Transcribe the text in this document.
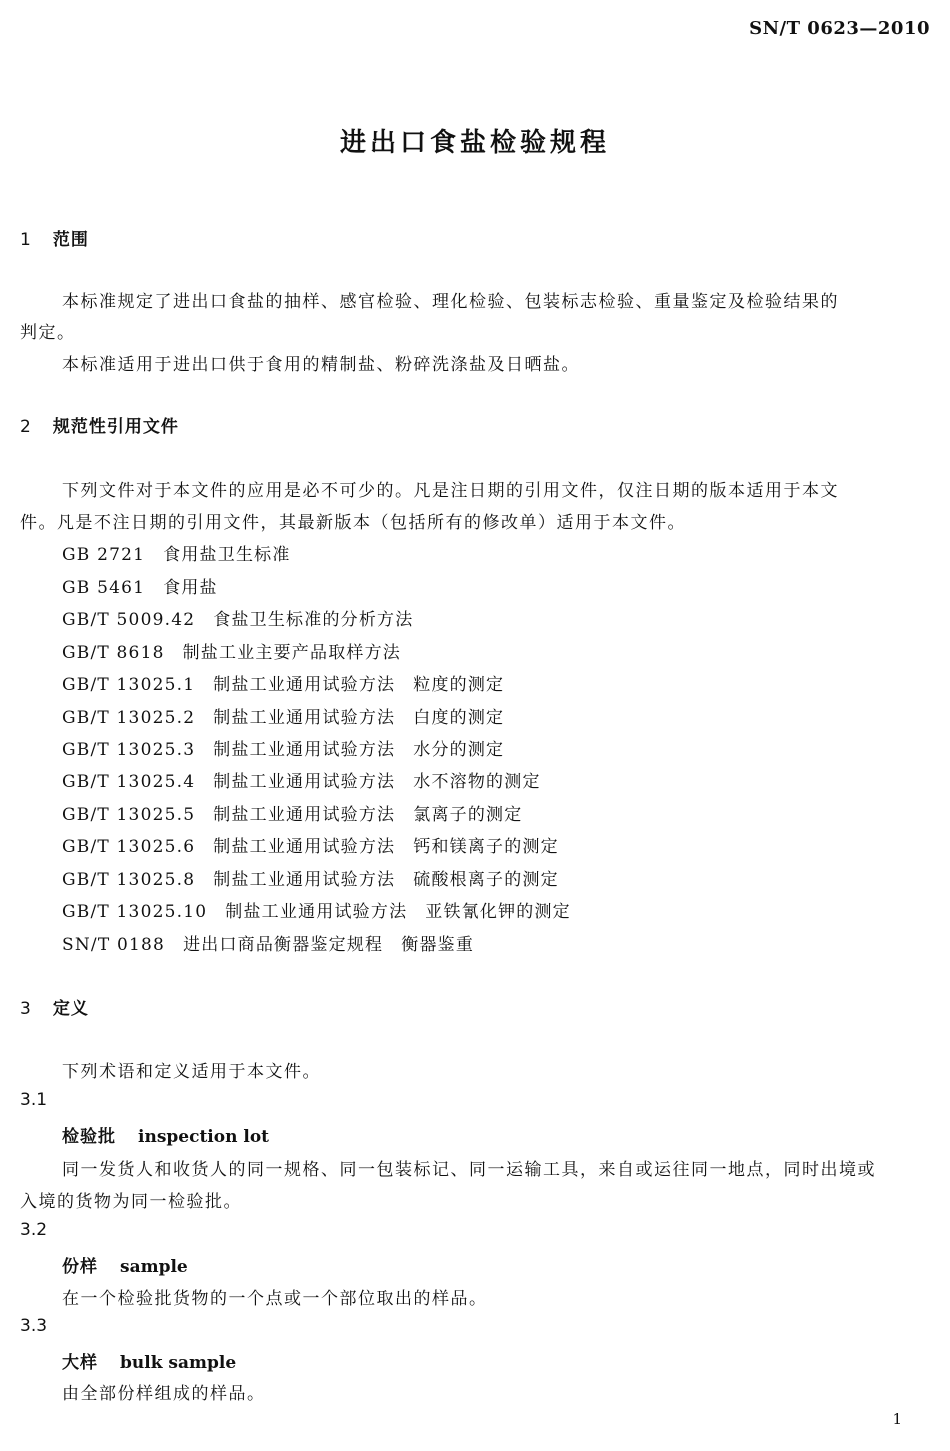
SN/T 0623—2010
进出口食盐检验规程
1 范围
本标准规定了进出口食盐的抽样、感官检验、理化检验、包装标志检验、重量鉴定及检验结果的
判定。
本标准适用于进出口供于食用的精制盐、粉碎洗涤盐及日晒盐。
2 规范性引用文件
下列文件对于本文件的应用是必不可少的。凡是注日期的引用文件，仅注日期的版本适用于本文
件。凡是不注日期的引用文件，其最新版本（包括所有的修改单）适用于本文件。
GB 2721 食用盐卫生标准
GB 5461 食用盐
GB/T 5009.42 食盐卫生标准的分析方法
GB/T 8618 制盐工业主要产品取样方法
GB/T 13025.1 制盐工业通用试验方法 粒度的测定
GB/T 13025.2 制盐工业通用试验方法 白度的测定
GB/T 13025.3 制盐工业通用试验方法 水分的测定
GB/T 13025.4 制盐工业通用试验方法 水不溶物的测定
GB/T 13025.5 制盐工业通用试验方法 氯离子的测定
GB/T 13025.6 制盐工业通用试验方法 钙和镁离子的测定
GB/T 13025.8 制盐工业通用试验方法 硫酸根离子的测定
GB/T 13025.10 制盐工业通用试验方法 亚铁氰化钾的测定
SN/T 0188 进出口商品衡器鉴定规程 衡器鉴重
3 定义
下列术语和定义适用于本文件。
3.1
检验批 inspection lot
同一发货人和收货人的同一规格、同一包装标记、同一运输工具，来自或运往同一地点，同时出境或
入境的货物为同一检验批。
3.2
份样 sample
在一个检验批货物的一个点或一个部位取出的样品。
3.3
大样 bulk sample
由全部份样组成的样品。
1
